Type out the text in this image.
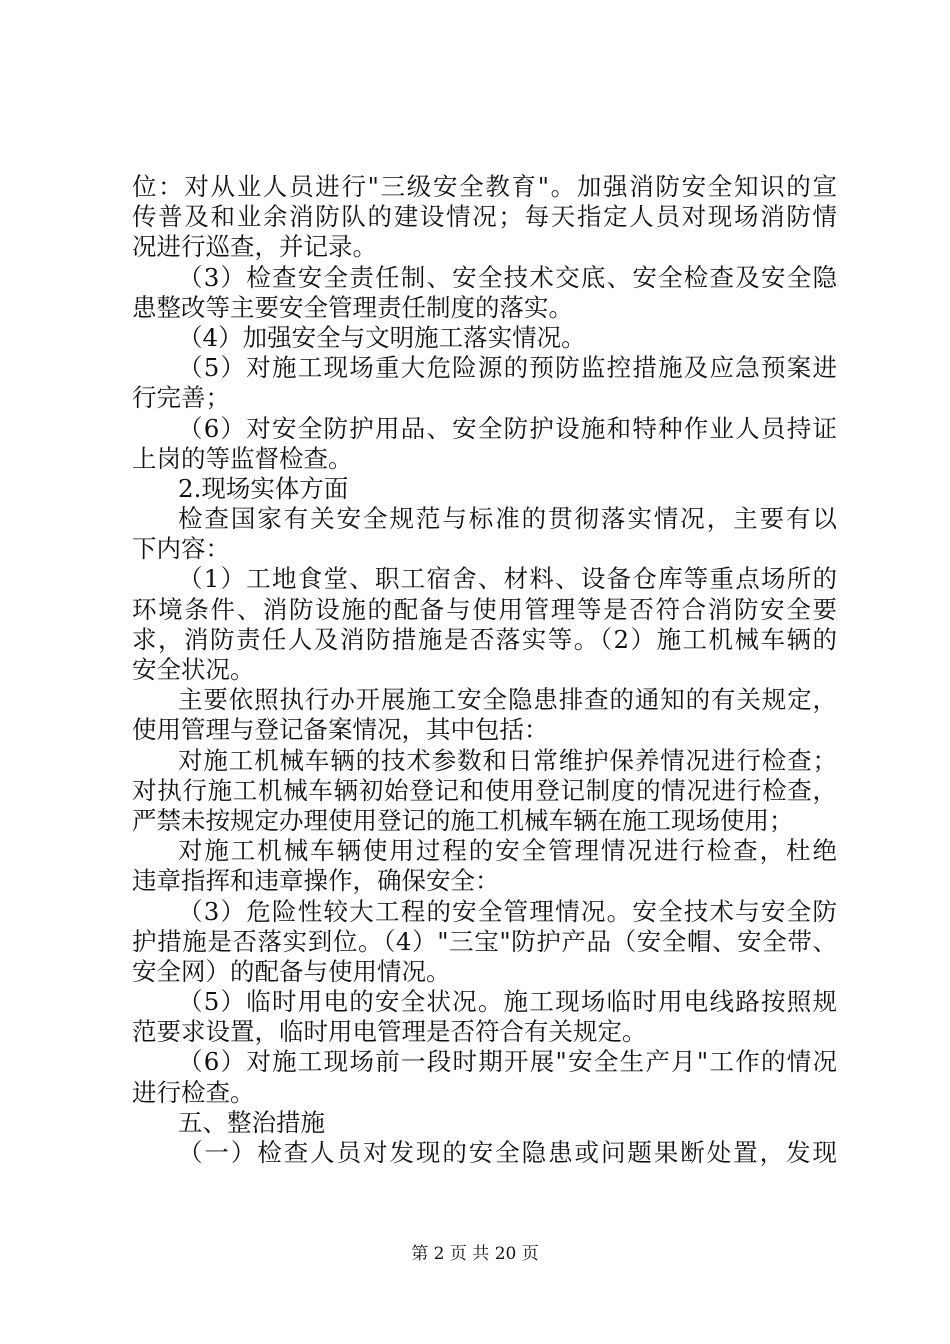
位：对从业人员进行"三级安全教育"。加强消防安全知识的宣
传普及和业余消防队的建设情况；每天指定人员对现场消防情
况进行巡查，并记录。
（3）检查安全责任制、安全技术交底、安全检查及安全隐
患整改等主要安全管理责任制度的落实。
（4）加强安全与文明施工落实情况。
（5）对施工现场重大危险源的预防监控措施及应急预案进
行完善；
（6）对安全防护用品、安全防护设施和特种作业人员持证
上岗的等监督检查。
2.现场实体方面
检查国家有关安全规范与标准的贯彻落实情况，主要有以
下内容：
（1）工地食堂、职工宿舍、材料、设备仓库等重点场所的
环境条件、消防设施的配备与使用管理等是否符合消防安全要
求，消防责任人及消防措施是否落实等。（2）施工机械车辆的
安全状况。
主要依照执行办开展施工安全隐患排查的通知的有关规定，
使用管理与登记备案情况，其中包括：
对施工机械车辆的技术参数和日常维护保养情况进行检查；
对执行施工机械车辆初始登记和使用登记制度的情况进行检查，
严禁未按规定办理使用登记的施工机械车辆在施工现场使用；
对施工机械车辆使用过程的安全管理情况进行检查，杜绝
违章指挥和违章操作，确保安全：
（3）危险性较大工程的安全管理情况。安全技术与安全防
护措施是否落实到位。（4）"三宝"防护产品（安全帽、安全带、
安全网）的配备与使用情况。
（5）临时用电的安全状况。施工现场临时用电线路按照规
范要求设置，临时用电管理是否符合有关规定。
（6）对施工现场前一段时期开展"安全生产月"工作的情况
进行检查。
五、整治措施
（一）检查人员对发现的安全隐患或问题果断处置，发现
第 2 页 共 20 页
